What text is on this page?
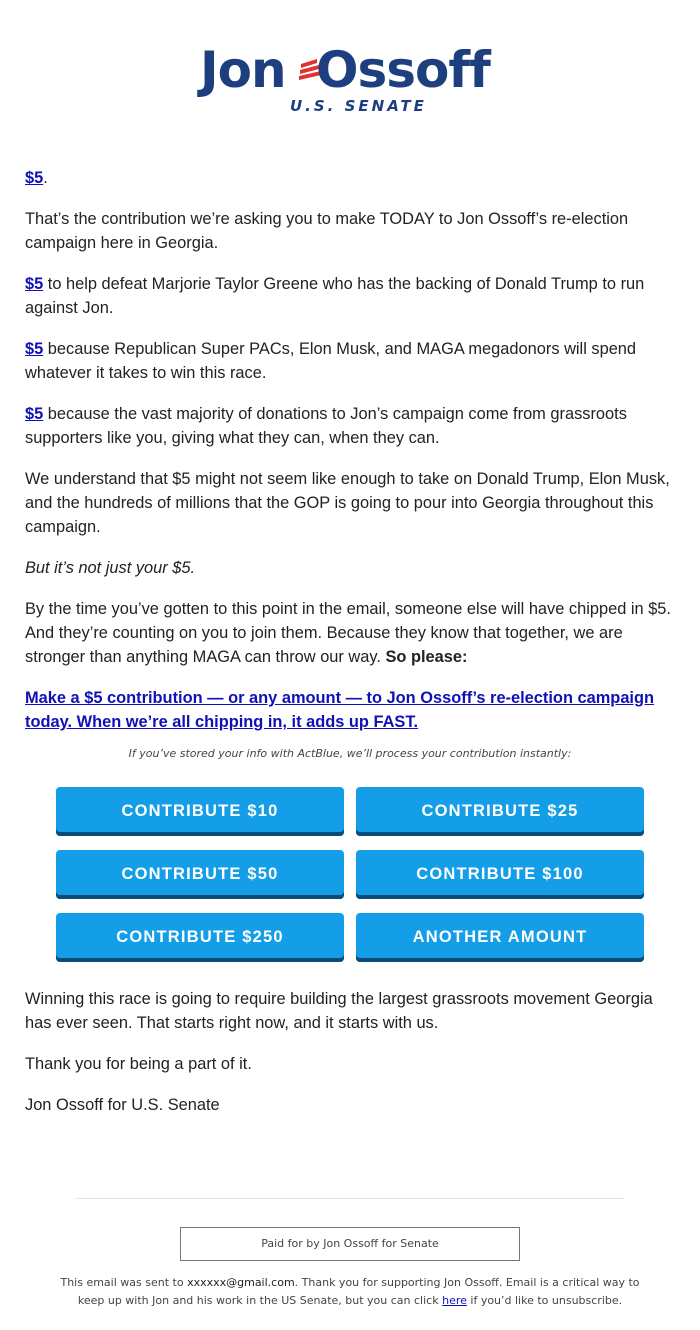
Jon Ossoff
U.S. SENATE

$5.

That’s the contribution we’re asking you to make TODAY to Jon Ossoff’s re-election campaign here in Georgia.

$5 to help defeat Marjorie Taylor Greene who has the backing of Donald Trump to run against Jon.

$5 because Republican Super PACs, Elon Musk, and MAGA megadonors will spend whatever it takes to win this race.

$5 because the vast majority of donations to Jon’s campaign come from grassroots supporters like you, giving what they can, when they can.

We understand that $5 might not seem like enough to take on Donald Trump, Elon Musk, and the hundreds of millions that the GOP is going to pour into Georgia throughout this campaign.

But it’s not just your $5.

By the time you’ve gotten to this point in the email, someone else will have chipped in $5. And they’re counting on you to join them. Because they know that together, we are stronger than anything MAGA can throw our way. So please:

Make a $5 contribution — or any amount — to Jon Ossoff’s re-election campaign today. When we’re all chipping in, it adds up FAST.

If you’ve stored your info with ActBlue, we’ll process your contribution instantly:
CONTRIBUTE $10	CONTRIBUTE $25
CONTRIBUTE $50	CONTRIBUTE $100
CONTRIBUTE $250	ANOTHER AMOUNT

Winning this race is going to require building the largest grassroots movement Georgia has ever seen. That starts right now, and it starts with us.

Thank you for being a part of it.

Jon Ossoff for U.S. Senate

Paid for by Jon Ossoff for Senate
This email was sent to xxxxxx@gmail.com. Thank you for supporting Jon Ossoff. Email is a critical way to keep up with Jon and his work in the US Senate, but you can click here if you’d like to unsubscribe.
